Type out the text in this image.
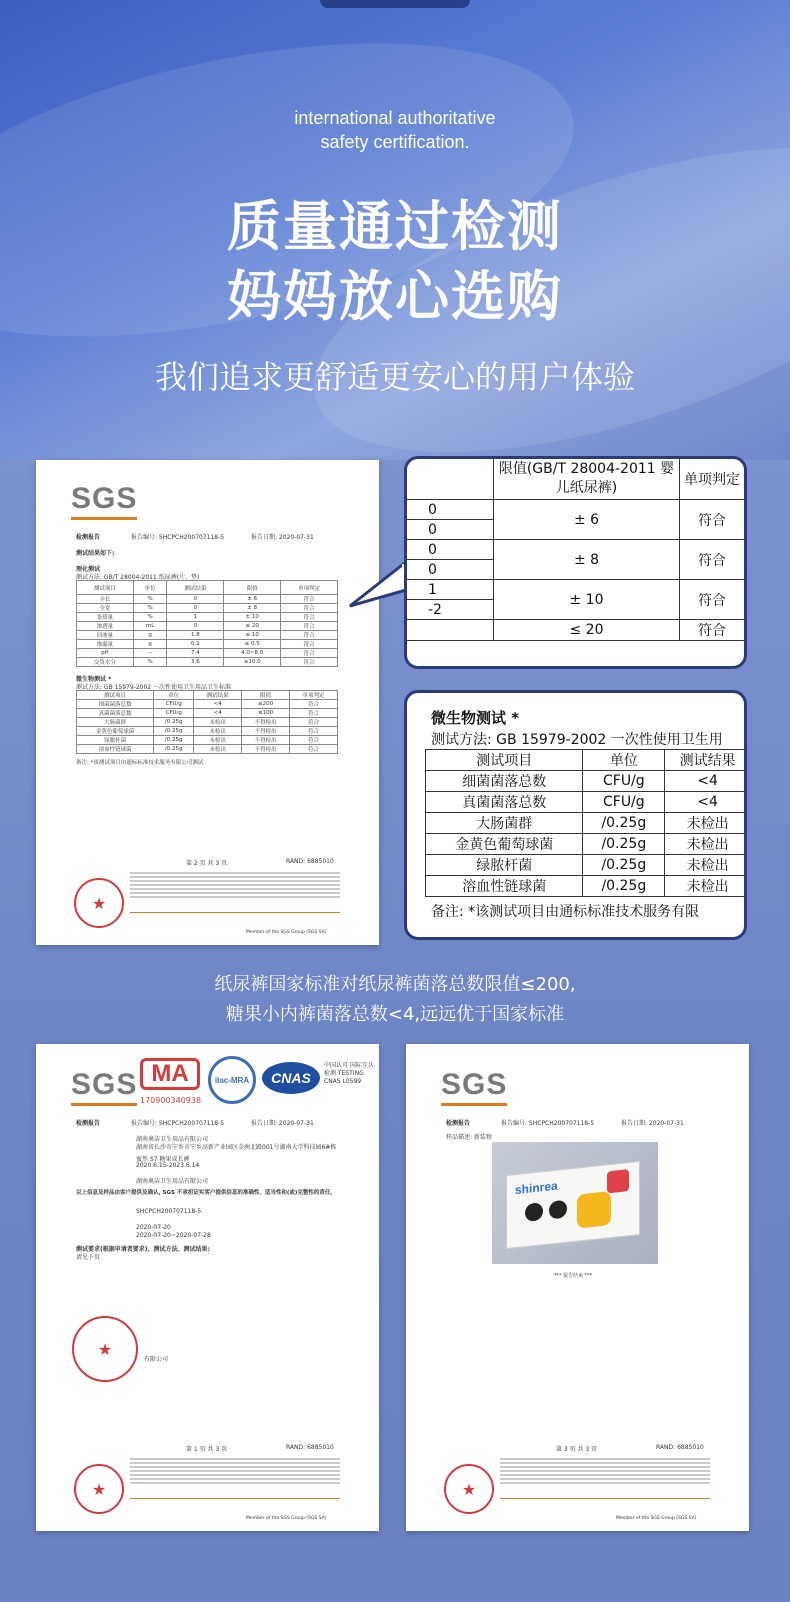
international authoritative
safety certification.
质量通过检测
妈妈放心选购
我们追求更舒适更安心的用户体验
SGS
检测报告	报告编号: SHCPCH200707118-5	报告日期: 2020-07-31
测试结果如下:
理化测试
测试方法: GB/T 28004-2011 纸尿裤(片、垫)
测试项目	单位	测试结果	限值	单项判定
全长	%	0	± 6	符合
全宽	%	0	± 8	符合
条质量	%	1	± 10	符合
渗透量	mL	0	≤ 20	符合
回渗量	g	1.8	≤ 10	符合
渗漏量	g	0.1	≤ 0.5	符合
pH	--	7.4	4.0~8.0	符合
交货水分	%	3.6	≤10.0	符合
微生物测试 *
测试方法: GB 15979-2002 一次性使用卫生用品卫生标准
测试项目	单位	测试结果	限值	单项判定
细菌菌落总数	CFU/g	<4	≤200	符合
真菌菌落总数	CFU/g	<4	≤100	符合
大肠菌群	/0.25g	未检出	不得检出	符合
金黄色葡萄球菌	/0.25g	未检出	不得检出	符合
绿脓杆菌	/0.25g	未检出	不得检出	符合
溶血性链球菌	/0.25g	未检出	不得检出	符合
备注: *该测试项目由通标标准技术服务有限公司测试
第 2 页 共 3 页	RAND: 6885010
★
Member of the SGS Group (SGS SA)
	限值(GB/T 28004-2011 婴儿纸尿裤)	单项判定
0	± 6	符合
0		
0	± 8	符合
0		
1	± 10	符合
-2		
	≤ 20	符合
微生物测试 *
测试方法: GB 15979-2002 一次性使用卫生用
测试项目	单位	测试结果
细菌菌落总数	CFU/g	<4
真菌菌落总数	CFU/g	<4
大肠菌群	/0.25g	未检出
金黄色葡萄球菌	/0.25g	未检出
绿脓杆菌	/0.25g	未检出
溶血性链球菌	/0.25g	未检出
备注: *该测试项目由通标标准技术服务有限
纸尿裤国家标准对纸尿裤菌落总数限值≤200,
糖果小内裤菌落总数<4,远远优于国家标准
SGS MA
170900340938
ilac-MRA	CNAS
中国认可 国际互认 检测 TESTING CNAS L0599
检测报告	报告编号: SHCPCH200707118-5	报告日期: 2020-07-31
湖南奥洁卫生用品有限公司
湖南省长沙市宁乡市宁乡高新产业园区金洲北路001号湖南大学科技园6#栋
蜜然 S7 糖果成长裤
2020.6.15-2023.6.14
湖南奥洁卫生用品有限公司
以上信息及样品由客户提供及确认, SGS 不承担证实客户提供信息的准确性、适当性和(或)完整性的责任。
SHCPCH200707118-5
2020-07-20
2020-07-20~2020-07-28
测试要求(根据申请者要求)、测试方法、测试结果:
请见下页
★
有限公司
第 1 页 共 3 页	RAND: 6885010
★
Member of the SGS Group (SGS SA)
SGS
检测报告	报告编号: SHCPCH200707118-5	报告日期: 2020-07-31
样品描述: 新装物
shinrea
*** 报告结束 ***
第 3 页 共 3 页	RAND: 6885010
★
Member of the SGS Group (SGS SA)
